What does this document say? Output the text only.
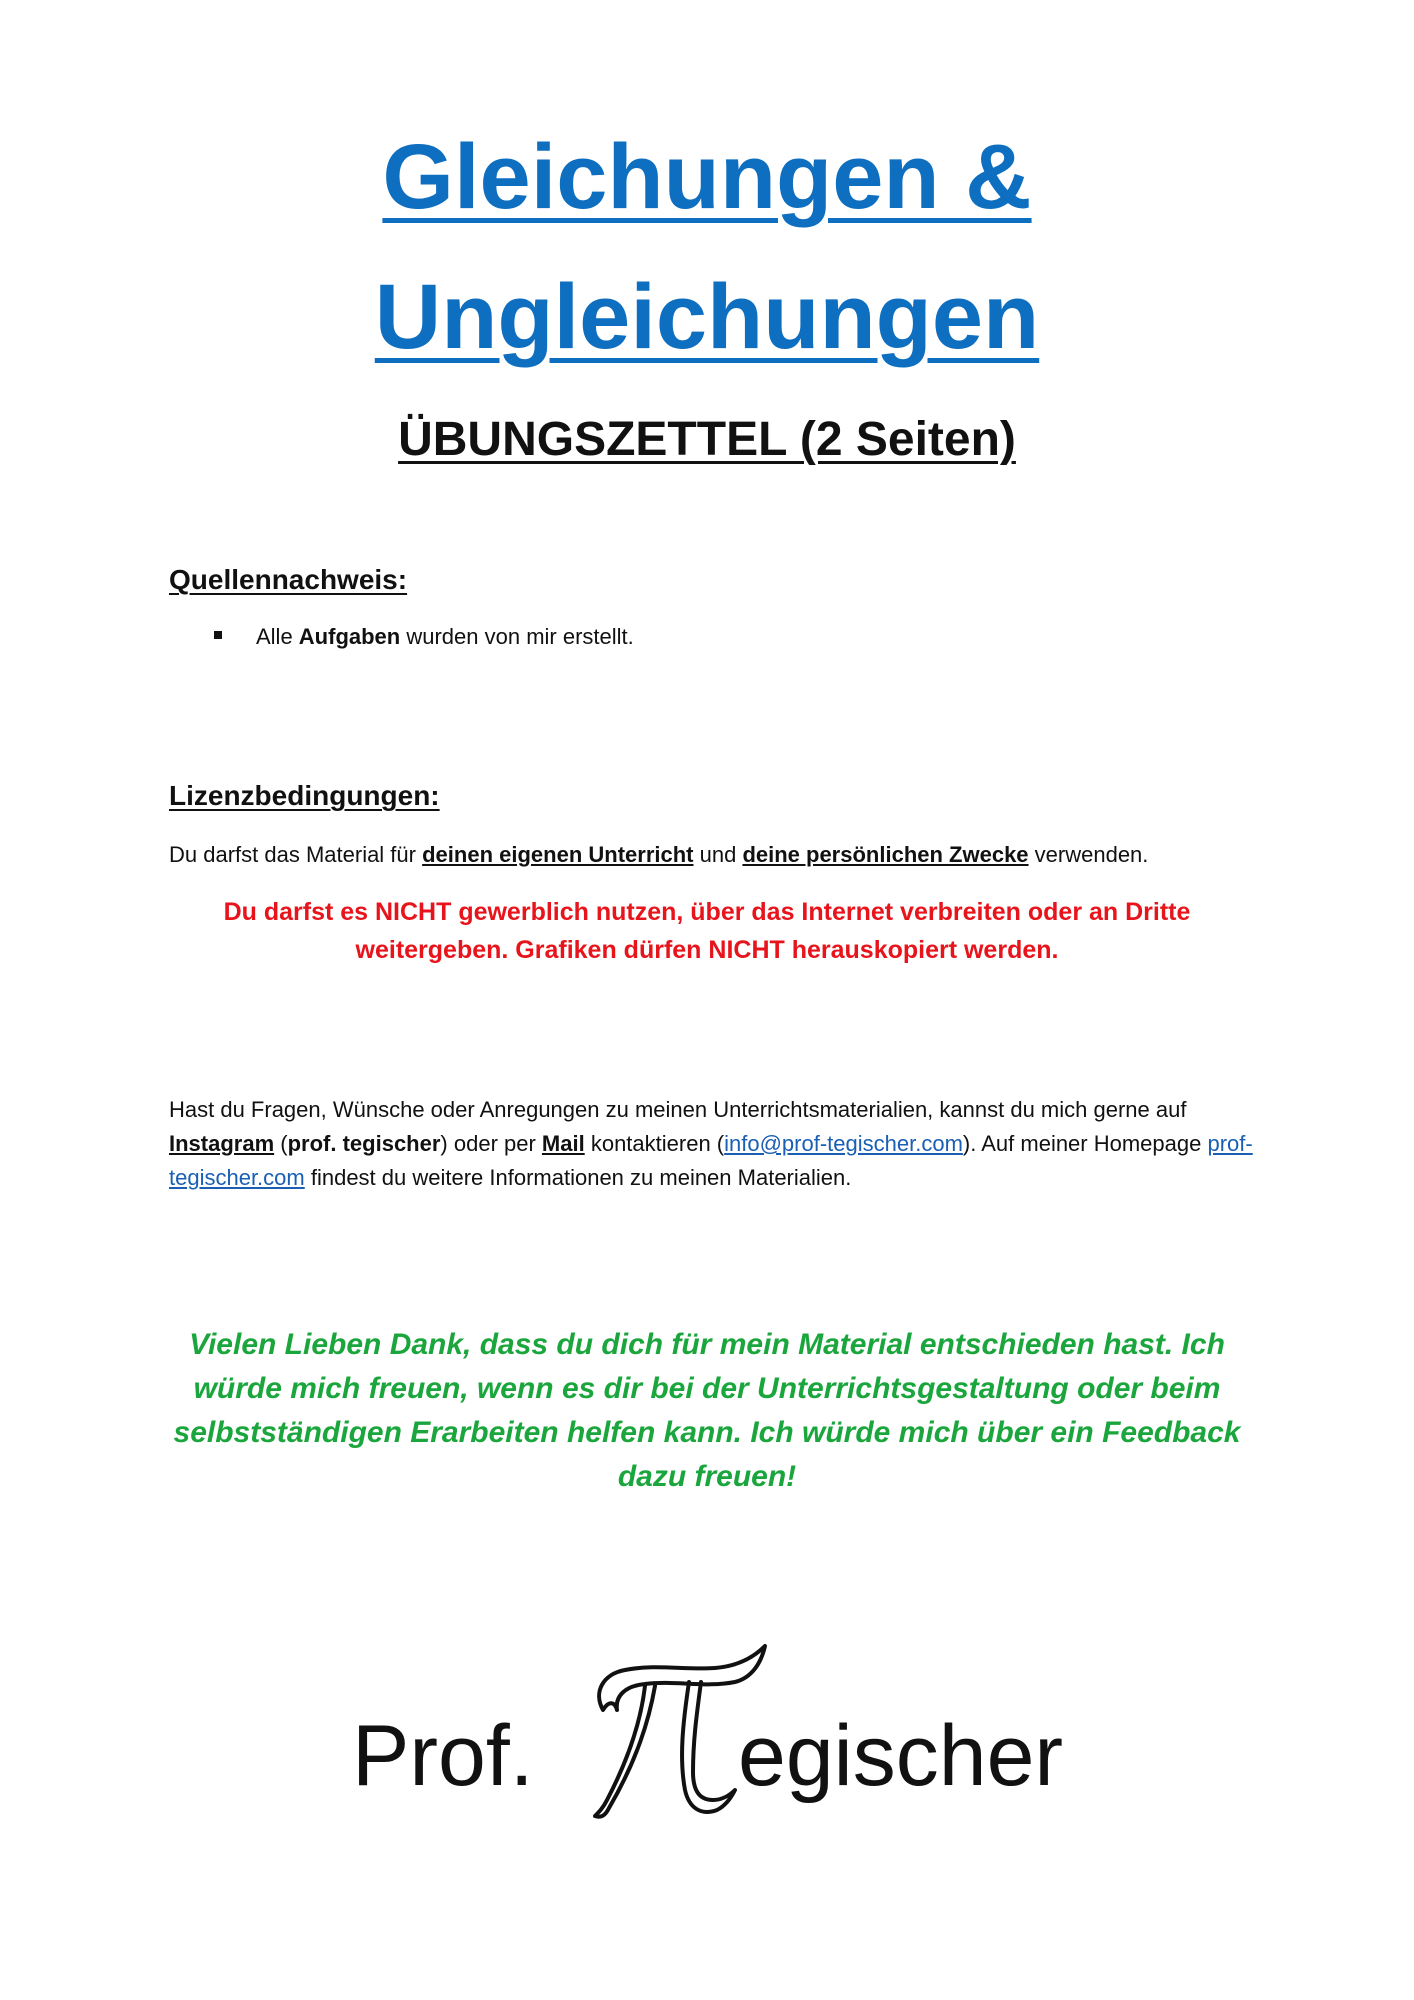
Gleichungen &
Ungleichungen
ÜBUNGSZETTEL (2 Seiten)
Quellennachweis:
Alle Aufgaben wurden von mir erstellt.
Lizenzbedingungen:

Du darfst das Material für deinen eigenen Unterricht und deine persönlichen Zwecke verwenden.

Du darfst es NICHT gewerblich nutzen, über das Internet verbreiten oder an Dritte
weitergeben. Grafiken dürfen NICHT herauskopiert werden.

Hast du Fragen, Wünsche oder Anregungen zu meinen Unterrichtsmaterialien, kannst du mich gerne auf Instagram (prof. tegischer) oder per Mail kontaktieren (info@prof-tegischer.com). Auf meiner Homepage prof-tegischer.com findest du weitere Informationen zu meinen Materialien.

Vielen Lieben Dank, dass du dich für mein Material entschieden hast. Ich
würde mich freuen, wenn es dir bei der Unterrichtsgestaltung oder beim
selbstständigen Erarbeiten helfen kann. Ich würde mich über ein Feedback
dazu freuen!

Prof. egischer
